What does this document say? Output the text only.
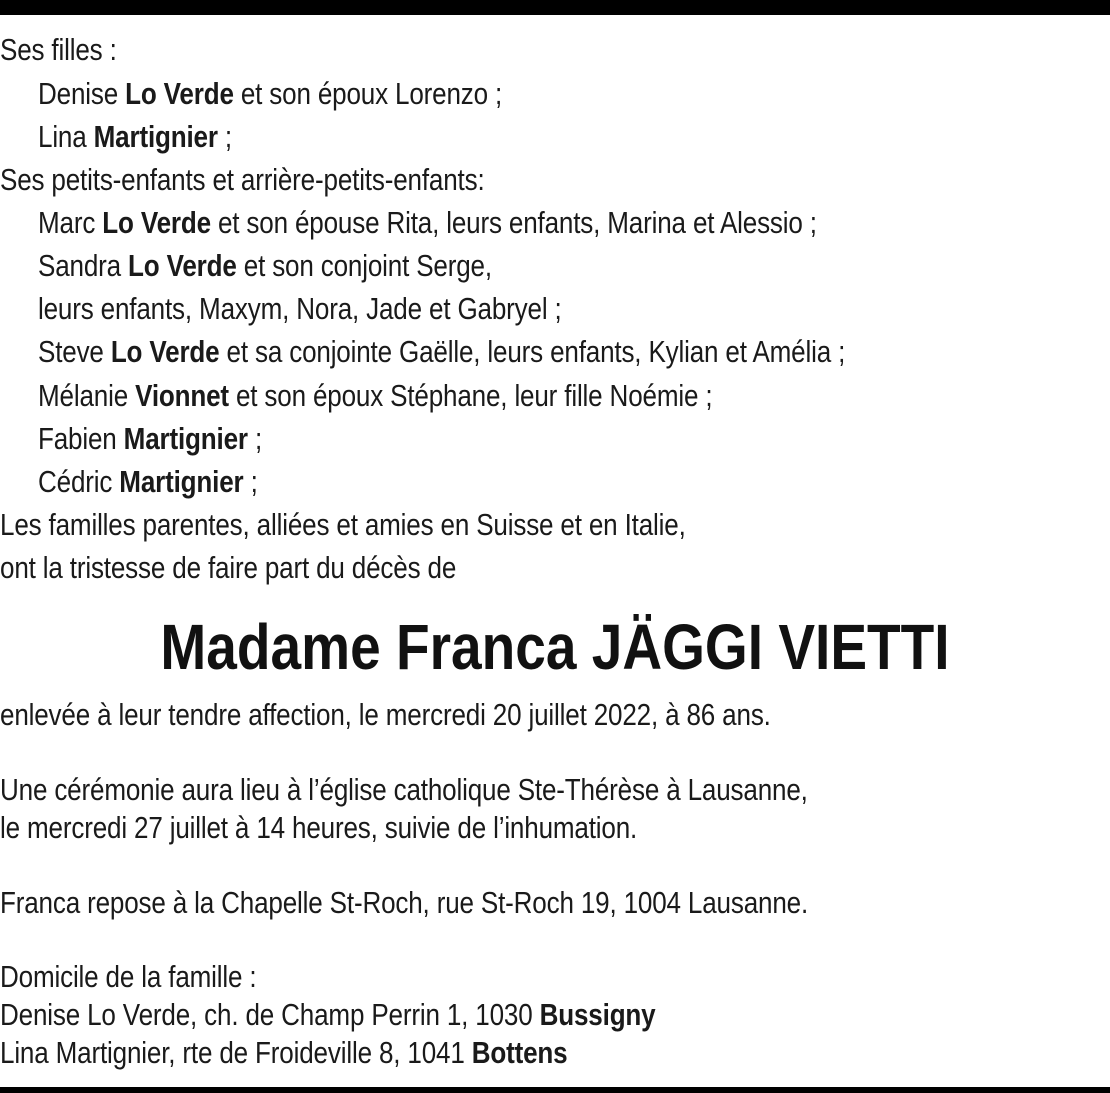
Ses filles :
Denise Lo Verde et son époux Lorenzo ;
Lina Martignier ;
Ses petits-enfants et arrière-petits-enfants:
Marc Lo Verde et son épouse Rita, leurs enfants, Marina et Alessio ;
Sandra Lo Verde et son conjoint Serge,
leurs enfants, Maxym, Nora, Jade et Gabryel ;
Steve Lo Verde et sa conjointe Gaëlle, leurs enfants, Kylian et Amélia ;
Mélanie Vionnet et son époux Stéphane, leur fille Noémie ;
Fabien Martignier ;
Cédric Martignier ;
Les familles parentes, alliées et amies en Suisse et en Italie,
ont la tristesse de faire part du décès de
Madame Franca JÄGGI VIETTI
enlevée à leur tendre affection, le mercredi 20 juillet 2022, à 86 ans.
Une cérémonie aura lieu à l’église catholique Ste-Thérèse à Lausanne,
le mercredi 27 juillet à 14 heures, suivie de l’inhumation.
Franca repose à la Chapelle St-Roch, rue St-Roch 19, 1004 Lausanne.
Domicile de la famille :
Denise Lo Verde, ch. de Champ Perrin 1, 1030 Bussigny
Lina Martignier, rte de Froideville 8, 1041 Bottens
